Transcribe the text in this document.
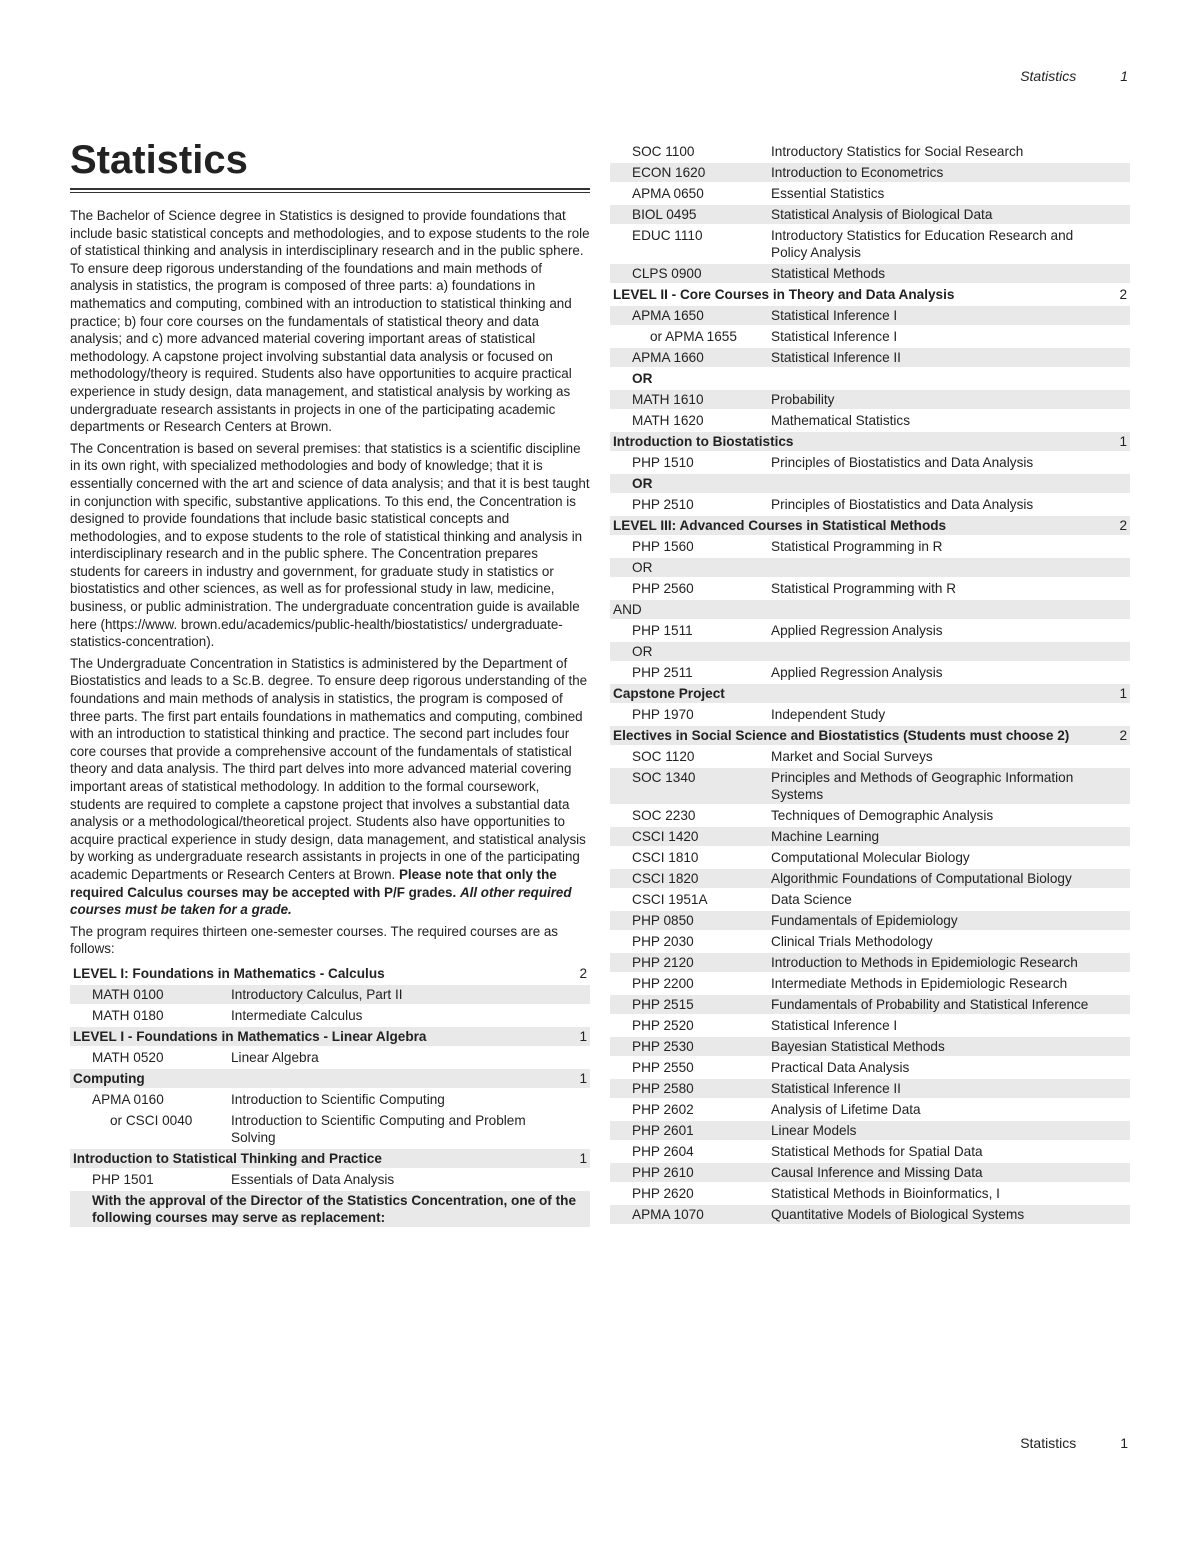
Statistics	1
Statistics

The Bachelor of Science degree in Statistics is designed to provide foundations that include basic statistical concepts and methodologies, and to expose students to the role of statistical thinking and analysis in interdisciplinary research and in the public sphere. To ensure deep rigorous understanding of the foundations and main methods of analysis in statistics, the program is composed of three parts: a) foundations in mathematics and computing, combined with an introduction to statistical thinking and practice; b) four core courses on the fundamentals of statistical theory and data analysis; and c) more advanced material covering important areas of statistical methodology. A capstone project involving substantial data analysis or focused on methodology/theory is required. Students also have opportunities to acquire practical experience in study design, data management, and statistical analysis by working as undergraduate research assistants in projects in one of the participating academic departments or Research Centers at Brown.

The Concentration is based on several premises: that statistics is a scientific discipline in its own right, with specialized methodologies and body of knowledge; that it is essentially concerned with the art and science of data analysis; and that it is best taught in conjunction with specific, substantive applications. To this end, the Concentration is designed to provide foundations that include basic statistical concepts and methodologies, and to expose students to the role of statistical thinking and analysis in interdisciplinary research and in the public sphere. The Concentration prepares students for careers in industry and government, for graduate study in statistics or biostatistics and other sciences, as well as for professional study in law, medicine, business, or public administration. The undergraduate concentration guide is available here (https://www. brown.edu/academics/public-health/biostatistics/ undergraduate-statistics-concentration).

The Undergraduate Concentration in Statistics is administered by the Department of Biostatistics and leads to a Sc.B. degree. To ensure deep rigorous understanding of the foundations and main methods of analysis in statistics, the program is composed of three parts. The first part entails foundations in mathematics and computing, combined with an introduction to statistical thinking and practice. The second part includes four core courses that provide a comprehensive account of the fundamentals of statistical theory and data analysis. The third part delves into more advanced material covering important areas of statistical methodology. In addition to the formal coursework, students are required to complete a capstone project that involves a substantial data analysis or a methodological/theoretical project. Students also have opportunities to acquire practical experience in study design, data management, and statistical analysis by working as undergraduate research assistants in projects in one of the participating academic Departments or Research Centers at Brown. Please note that only the required Calculus courses may be accepted with P/F grades. All other required courses must be taken for a grade.

The program requires thirteen one-semester courses. The required courses are as follows:

LEVEL I: Foundations in Mathematics - Calculus		2
MATH 0100	Introductory Calculus, Part II	
MATH 0180	Intermediate Calculus	
LEVEL I - Foundations in Mathematics - Linear Algebra		1
MATH 0520	Linear Algebra	
Computing		1
APMA 0160	Introduction to Scientific Computing	
or CSCI 0040	Introduction to Scientific Computing and Problem Solving	
Introduction to Statistical Thinking and Practice		1
PHP 1501	Essentials of Data Analysis	
With the approval of the Director of the Statistics Concentration, one of the following courses may serve as replacement:		
SOC 1100	Introductory Statistics for Social Research	
ECON 1620	Introduction to Econometrics	
APMA 0650	Essential Statistics	
BIOL 0495	Statistical Analysis of Biological Data	
EDUC 1110	Introductory Statistics for Education Research and Policy Analysis	
CLPS 0900	Statistical Methods	
LEVEL II - Core Courses in Theory and Data Analysis		2
APMA 1650	Statistical Inference I	
or APMA 1655	Statistical Inference I	
APMA 1660	Statistical Inference II	
OR		
MATH 1610	Probability	
MATH 1620	Mathematical Statistics	
Introduction to Biostatistics		1
PHP 1510	Principles of Biostatistics and Data Analysis	
OR		
PHP 2510	Principles of Biostatistics and Data Analysis	
LEVEL III: Advanced Courses in Statistical Methods		2
PHP 1560	Statistical Programming in R	
OR		
PHP 2560	Statistical Programming with R	
AND		
PHP 1511	Applied Regression Analysis	
OR		
PHP 2511	Applied Regression Analysis	
Capstone Project		1
PHP 1970	Independent Study	
Electives in Social Science and Biostatistics (Students must choose 2)		2
SOC 1120	Market and Social Surveys	
SOC 1340	Principles and Methods of Geographic Information Systems	
SOC 2230	Techniques of Demographic Analysis	
CSCI 1420	Machine Learning	
CSCI 1810	Computational Molecular Biology	
CSCI 1820	Algorithmic Foundations of Computational Biology	
CSCI 1951A	Data Science	
PHP 0850	Fundamentals of Epidemiology	
PHP 2030	Clinical Trials Methodology	
PHP 2120	Introduction to Methods in Epidemiologic Research	
PHP 2200	Intermediate Methods in Epidemiologic Research	
PHP 2515	Fundamentals of Probability and Statistical Inference	
PHP 2520	Statistical Inference I	
PHP 2530	Bayesian Statistical Methods	
PHP 2550	Practical Data Analysis	
PHP 2580	Statistical Inference II	
PHP 2602	Analysis of Lifetime Data	
PHP 2601	Linear Models	
PHP 2604	Statistical Methods for Spatial Data	
PHP 2610	Causal Inference and Missing Data	
PHP 2620	Statistical Methods in Bioinformatics, I	
APMA 1070	Quantitative Models of Biological Systems	
Statistics	1
